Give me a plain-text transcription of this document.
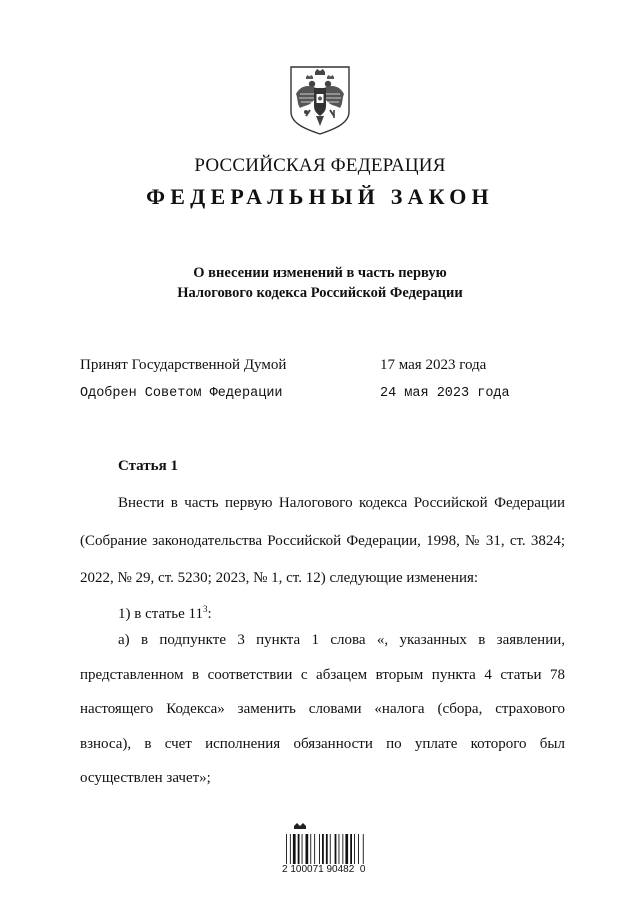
РОССИЙСКАЯ ФЕДЕРАЦИЯ
ФЕДЕРАЛЬНЫЙ ЗАКОН
О внесении изменений в часть первую
Налогового кодекса Российской Федерации
Принят Государственной Думой	17 мая 2023 года
Одобрен Советом Федерации	24 мая 2023 года
Статья 1
Внести в часть первую Налогового кодекса Российской Федерации
(Собрание законодательства Российской Федерации, 1998, № 31, ст. 3824;
2022, № 29, ст. 5230; 2023, № 1, ст. 12) следующие изменения:
1) в статье $11^3$:
а) в подпункте 3 пункта 1 слова «, указанных в заявлении,
представленном в соответствии с абзацем вторым пункта 4 статьи 78
настоящего Кодекса» заменить словами «налога (сбора, страхового
взноса), в счет исполнения обязанности по уплате которого был
осуществлен зачет»;
2 100071 90482  0
